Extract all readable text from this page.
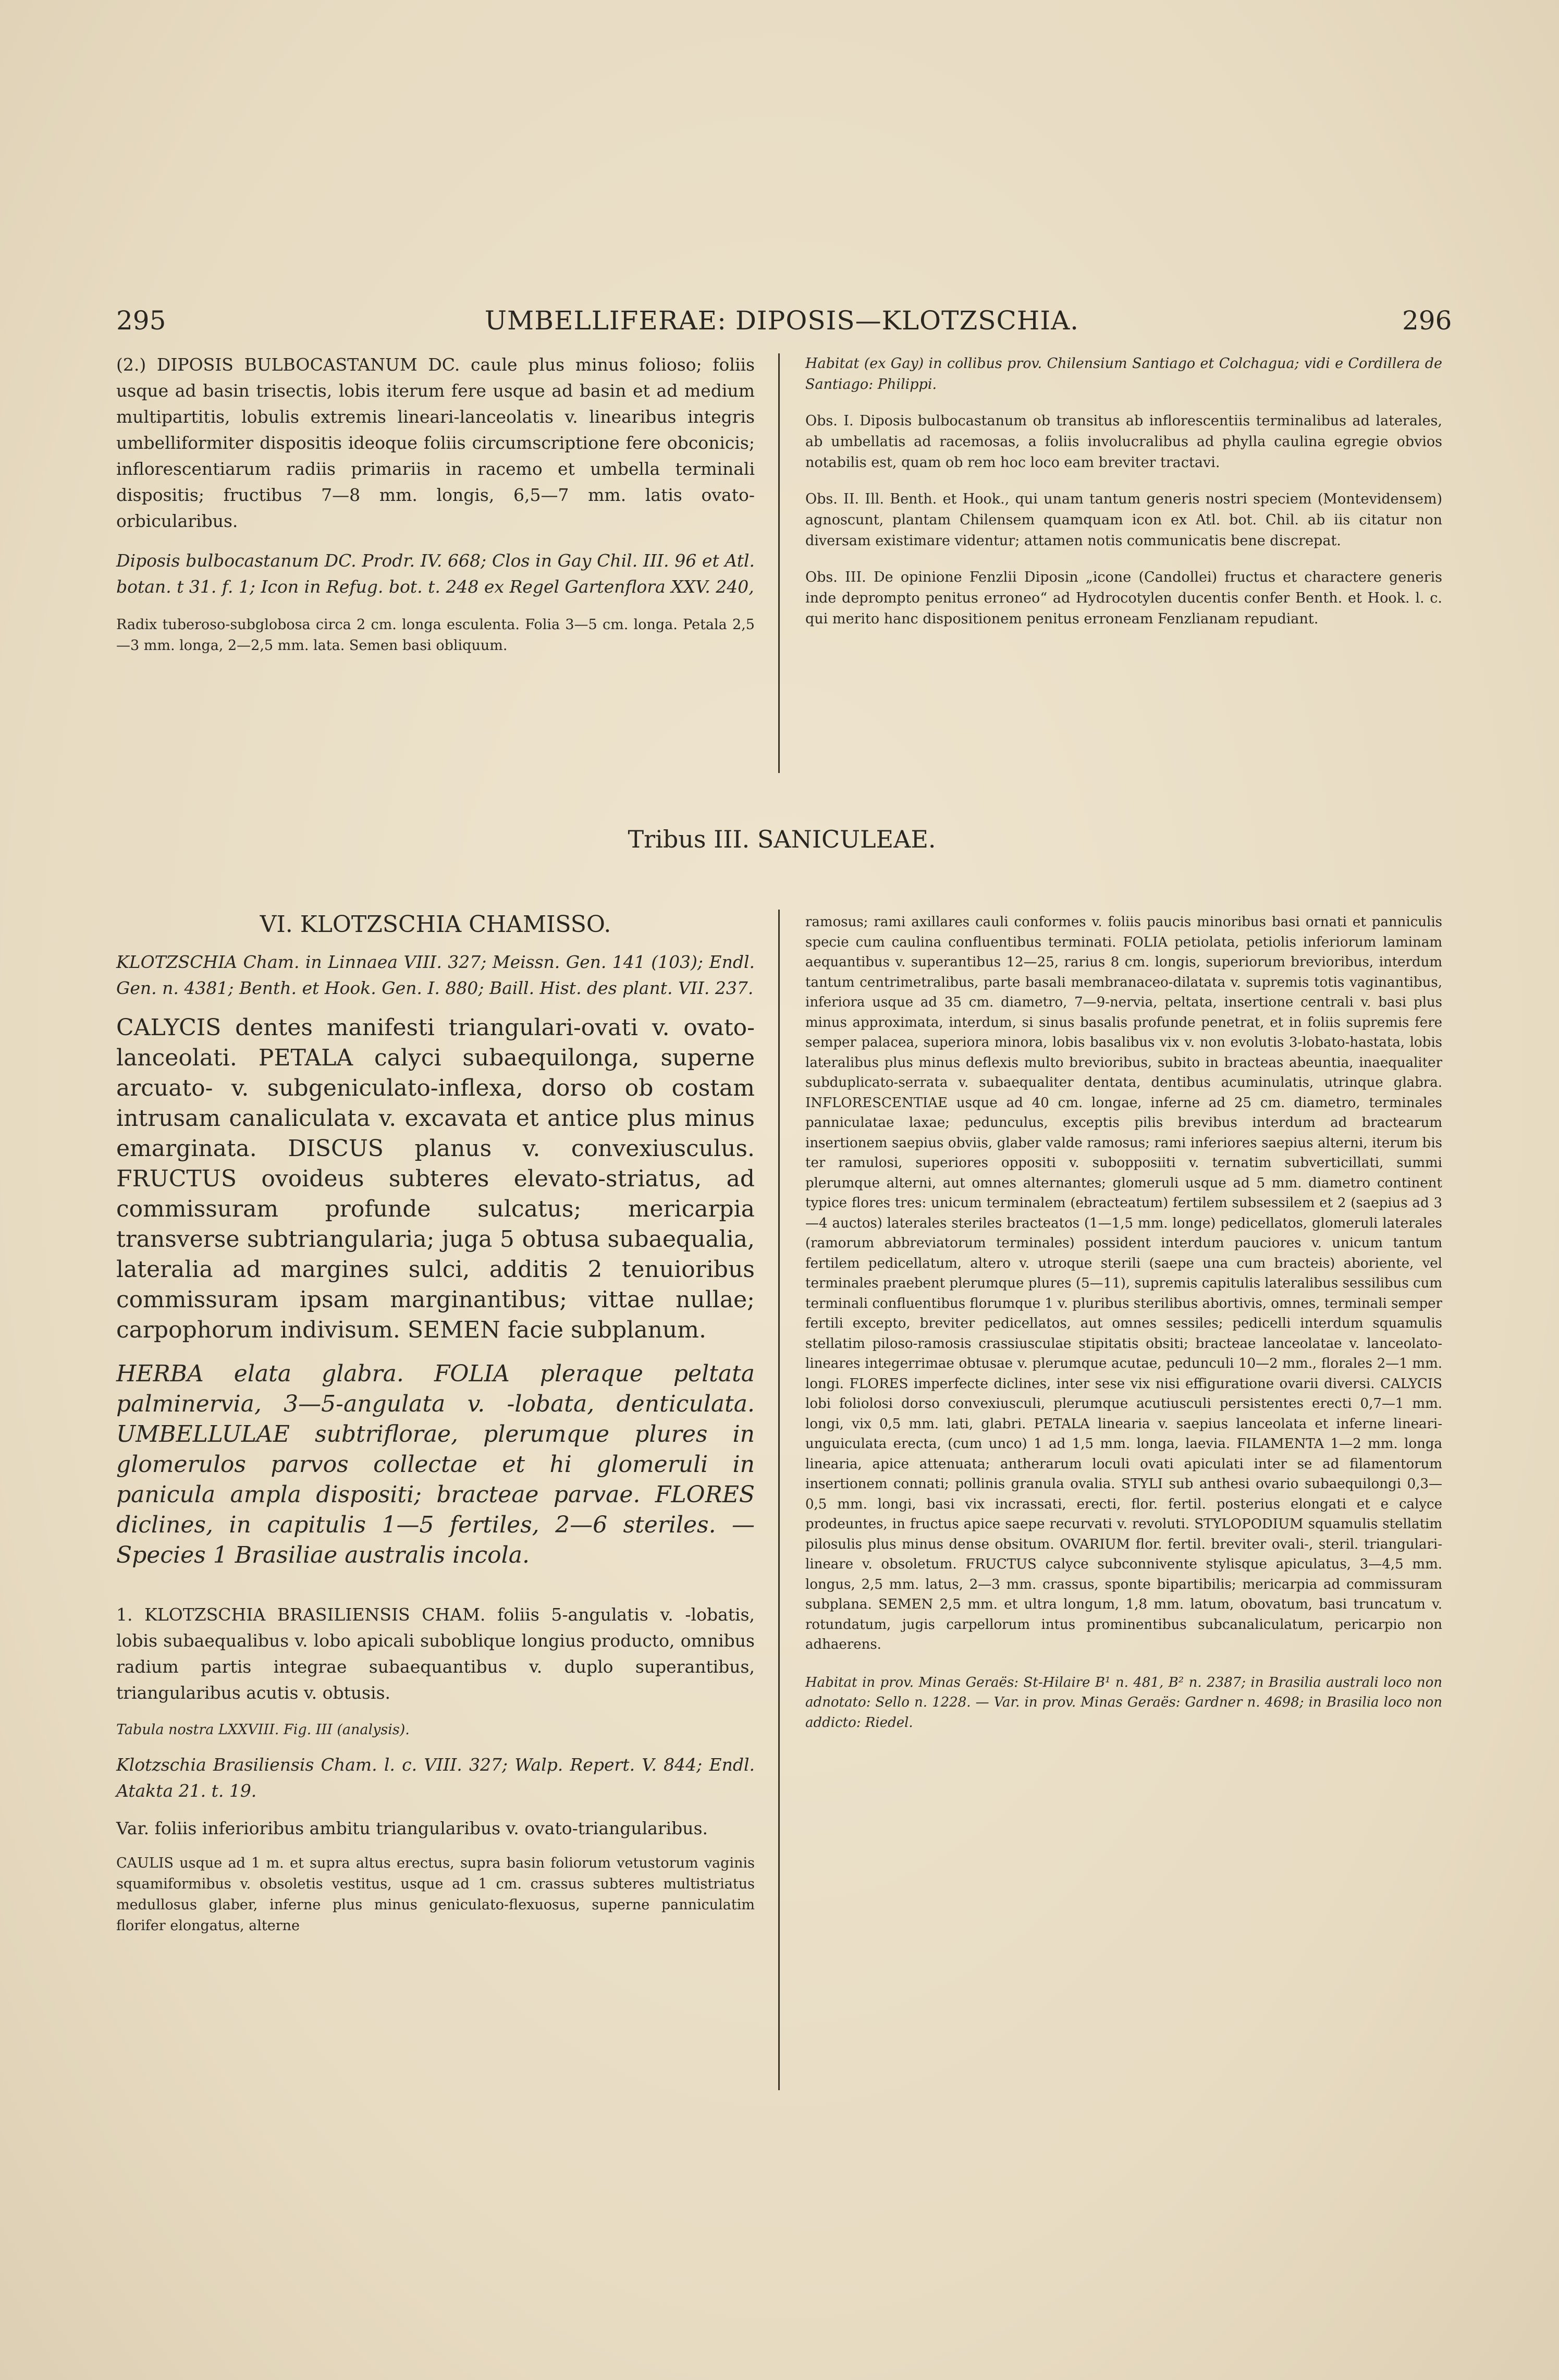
295	UMBELLIFERAE: DIPOSIS—KLOTZSCHIA.	296

(2.) DIPOSIS BULBOCASTANUM DC. caule plus minus folioso; foliis usque ad basin trisectis, lobis iterum fere usque ad basin et ad medium multipartitis, lobulis extremis lineari-lanceolatis v. linearibus integris umbelliformiter dispositis ideoque foliis circumscriptione fere obconicis; inflorescentiarum radiis primariis in racemo et umbella terminali dispositis; fructibus 7—8 mm. longis, 6,5—7 mm. latis ovato-orbicularibus.

Diposis bulbocastanum DC. Prodr. IV. 668; Clos in Gay Chil. III. 96 et Atl. botan. t 31. f. 1; Icon in Refug. bot. t. 248 ex Regel Gartenflora XXV. 240,

Radix tuberoso-subglobosa circa 2 cm. longa esculenta. Folia 3—5 cm. longa. Petala 2,5—3 mm. longa, 2—2,5 mm. lata. Semen basi obliquum.

Habitat (ex Gay) in collibus prov. Chilensium Santiago et Colchagua; vidi e Cordillera de Santiago: Philippi.

Obs. I. Diposis bulbocastanum ob transitus ab inflorescentiis terminalibus ad laterales, ab umbellatis ad racemosas, a foliis involucralibus ad phylla caulina egregie obvios notabilis est, quam ob rem hoc loco eam breviter tractavi.

Obs. II. Ill. Benth. et Hook., qui unam tantum generis nostri speciem (Montevidensem) agnoscunt, plantam Chilensem quamquam icon ex Atl. bot. Chil. ab iis citatur non diversam existimare videntur; attamen notis communicatis bene discrepat.

Obs. III. De opinione Fenzlii Diposin „icone (Candollei) fructus et charactere generis inde deprompto penitus erroneo“ ad Hydrocotylen ducentis confer Benth. et Hook. l. c. qui merito hanc dispositionem penitus erroneam Fenzlianam repudiant.

Tribus III. SANICULEAE.

VI. KLOTZSCHIA CHAMISSO.

KLOTZSCHIA Cham. in Linnaea VIII. 327; Meissn. Gen. 141 (103); Endl. Gen. n. 4381; Benth. et Hook. Gen. I. 880; Baill. Hist. des plant. VII. 237.

CALYCIS dentes manifesti triangulari-ovati v. ovato-lanceolati. PETALA calyci subaequilonga, superne arcuato- v. subgeniculato-inflexa, dorso ob costam intrusam canaliculata v. excavata et antice plus minus emarginata. DISCUS planus v. convexiusculus. FRUCTUS ovoideus subteres elevato-striatus, ad commissuram profunde sulcatus; mericarpia transverse subtriangularia; juga 5 obtusa subaequalia, lateralia ad margines sulci, additis 2 tenuioribus commissuram ipsam marginantibus; vittae nullae; carpophorum indivisum. SEMEN facie subplanum.

HERBA elata glabra. FOLIA pleraque peltata palminervia, 3—5-angulata v. -lobata, denticulata. UMBELLULAE subtriflorae, plerumque plures in glomerulos parvos collectae et hi glomeruli in panicula ampla dispositi; bracteae parvae. FLORES diclines, in capitulis 1—5 fertiles, 2—6 steriles. — Species 1 Brasiliae australis incola.

1. KLOTZSCHIA BRASILIENSIS CHAM. foliis 5-angulatis v. -lobatis, lobis subaequalibus v. lobo apicali suboblique longius producto, omnibus radium partis integrae subaequantibus v. duplo superantibus, triangularibus acutis v. obtusis.

Tabula nostra LXXVIII. Fig. III (analysis).

Klotzschia Brasiliensis Cham. l. c. VIII. 327; Walp. Repert. V. 844; Endl. Atakta 21. t. 19.

Var. foliis inferioribus ambitu triangularibus v. ovato-triangularibus.

CAULIS usque ad 1 m. et supra altus erectus, supra basin foliorum vetustorum vaginis squamiformibus v. obsoletis vestitus, usque ad 1 cm. crassus subteres multistriatus medullosus glaber, inferne plus minus geniculato-flexuosus, superne panniculatim florifer elongatus, alterne

ramosus; rami axillares cauli conformes v. foliis paucis minoribus basi ornati et panniculis specie cum caulina confluentibus terminati. FOLIA petiolata, petiolis inferiorum laminam aequantibus v. superantibus 12—25, rarius 8 cm. longis, superiorum brevioribus, interdum tantum centrimetralibus, parte basali membranaceo-dilatata v. supremis totis vaginantibus, inferiora usque ad 35 cm. diametro, 7—9-nervia, peltata, insertione centrali v. basi plus minus approximata, interdum, si sinus basalis profunde penetrat, et in foliis supremis fere semper palacea, superiora minora, lobis basalibus vix v. non evolutis 3-lobato-hastata, lobis lateralibus plus minus deflexis multo brevioribus, subito in bracteas abeuntia, inaequaliter subduplicato-serrata v. subaequaliter dentata, dentibus acuminulatis, utrinque glabra. INFLORESCENTIAE usque ad 40 cm. longae, inferne ad 25 cm. diametro, terminales panniculatae laxae; pedunculus, exceptis pilis brevibus interdum ad bractearum insertionem saepius obviis, glaber valde ramosus; rami inferiores saepius alterni, iterum bis ter ramulosi, superiores oppositi v. subopposiiti v. ternatim subverticillati, summi plerumque alterni, aut omnes alternantes; glomeruli usque ad 5 mm. diametro continent typice flores tres: unicum terminalem (ebracteatum) fertilem subsessilem et 2 (saepius ad 3—4 auctos) laterales steriles bracteatos (1—1,5 mm. longe) pedicellatos, glomeruli laterales (ramorum abbreviatorum terminales) possident interdum pauciores v. unicum tantum fertilem pedicellatum, altero v. utroque sterili (saepe una cum bracteis) aboriente, vel terminales praebent plerumque plures (5—11), supremis capitulis lateralibus sessilibus cum terminali confluentibus florumque 1 v. pluribus sterilibus abortivis, omnes, terminali semper fertili excepto, breviter pedicellatos, aut omnes sessiles; pedicelli interdum squamulis stellatim piloso-ramosis crassiusculae stipitatis obsiti; bracteae lanceolatae v. lanceolato-lineares integerrimae obtusae v. plerumque acutae, pedunculi 10—2 mm., florales 2—1 mm. longi. FLORES imperfecte diclines, inter sese vix nisi effiguratione ovarii diversi. CALYCIS lobi foliolosi dorso convexiusculi, plerumque acutiusculi persistentes erecti 0,7—1 mm. longi, vix 0,5 mm. lati, glabri. PETALA linearia v. saepius lanceolata et inferne lineari-unguiculata erecta, (cum unco) 1 ad 1,5 mm. longa, laevia. FILAMENTA 1—2 mm. longa linearia, apice attenuata; antherarum loculi ovati apiculati inter se ad filamentorum insertionem connati; pollinis granula ovalia. STYLI sub anthesi ovario subaequilongi 0,3—0,5 mm. longi, basi vix incrassati, erecti, flor. fertil. posterius elongati et e calyce prodeuntes, in fructus apice saepe recurvati v. revoluti. STYLOPODIUM squamulis stellatim pilosulis plus minus dense obsitum. OVARIUM flor. fertil. breviter ovali-, steril. triangulari-lineare v. obsoletum. FRUCTUS calyce subconnivente stylisque apiculatus, 3—4,5 mm. longus, 2,5 mm. latus, 2—3 mm. crassus, sponte bipartibilis; mericarpia ad commissuram subplana. SEMEN 2,5 mm. et ultra longum, 1,8 mm. latum, obovatum, basi truncatum v. rotundatum, jugis carpellorum intus prominentibus subcanaliculatum, pericarpio non adhaerens.

Habitat in prov. Minas Geraës: St-Hilaire B¹ n. 481, B² n. 2387; in Brasilia australi loco non adnotato: Sello n. 1228. — Var. in prov. Minas Geraës: Gardner n. 4698; in Brasilia loco non addicto: Riedel.
